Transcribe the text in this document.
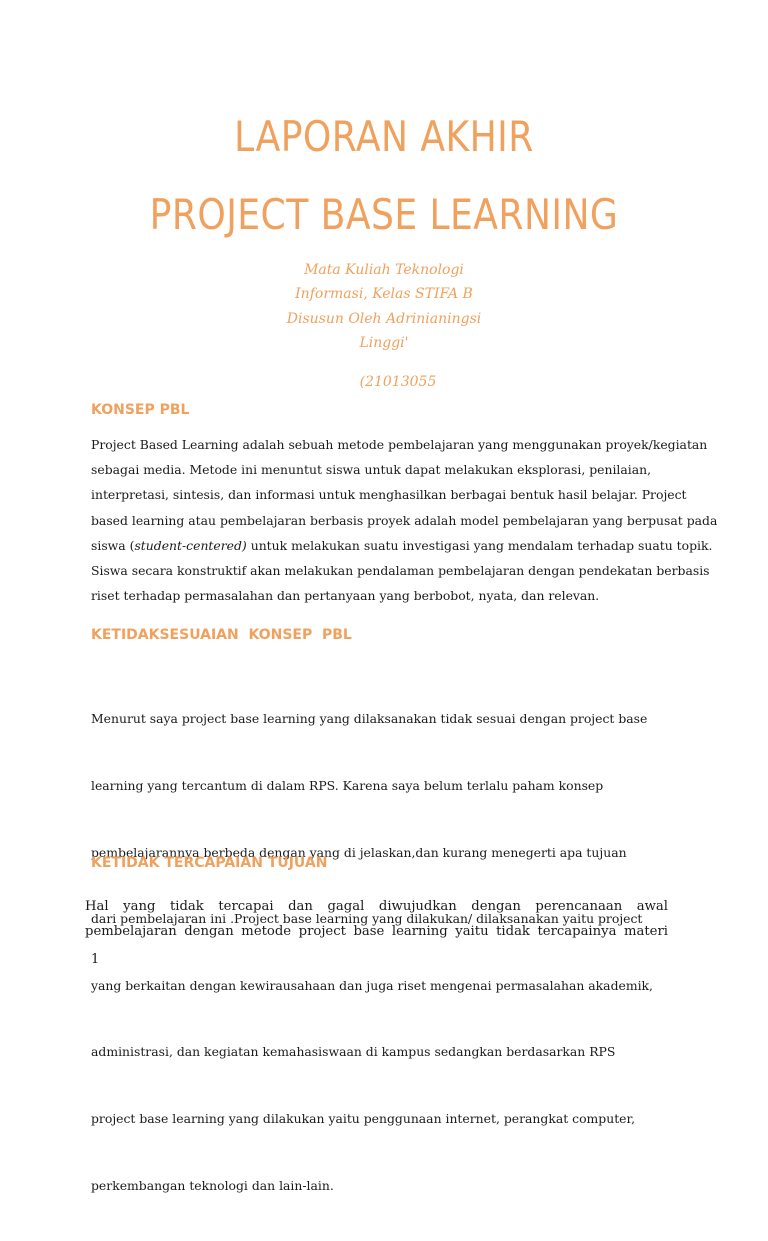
LAPORAN AKHIR
PROJECT BASE LEARNING

Mata Kuliah Teknologi

Informasi, Kelas STIFA B

Disusun Oleh Adrinianingsi

Linggi'

(21013055

KONSEP PBL
Project Based Learning adalah sebuah metode pembelajaran yang menggunakan proyek/kegiatan
sebagai media. Metode ini menuntut siswa untuk dapat melakukan eksplorasi, penilaian,
interpretasi, sintesis, dan informasi untuk menghasilkan berbagai bentuk hasil belajar. Project
based learning atau pembelajaran berbasis proyek adalah model pembelajaran yang berpusat pada
siswa (student-centered) untuk melakukan suatu investigasi yang mendalam terhadap suatu topik.
Siswa secara konstruktif akan melakukan pendalaman pembelajaran dengan pendekatan berbasis
riset terhadap permasalahan dan pertanyaan yang berbobot, nyata, dan relevan.
KETIDAKSESUAIAN  KONSEP  PBL

Menurut saya project base learning yang dilaksanakan tidak sesuai dengan project base

learning yang tercantum di dalam RPS. Karena saya belum terlalu paham konsep

pembelajarannya berbeda dengan yang di jelaskan,dan kurang menegerti apa tujuan

dari pembelajaran ini .Project base learning yang dilakukan/ dilaksanakan yaitu project

yang berkaitan dengan kewirausahaan dan juga riset mengenai permasalahan akademik,

administrasi, dan kegiatan kemahasiswaan di kampus sedangkan berdasarkan RPS

project base learning yang dilakukan yaitu penggunaan internet, perangkat computer,

perkembangan teknologi dan lain-lain.

KETIDAK TERCAPAIAN TUJUAN
Hal yang tidak tercapai dan gagal diwujudkan dengan perencanaan awal
pembelajaran dengan metode project base learning yaitu tidak tercapainya materi

1
